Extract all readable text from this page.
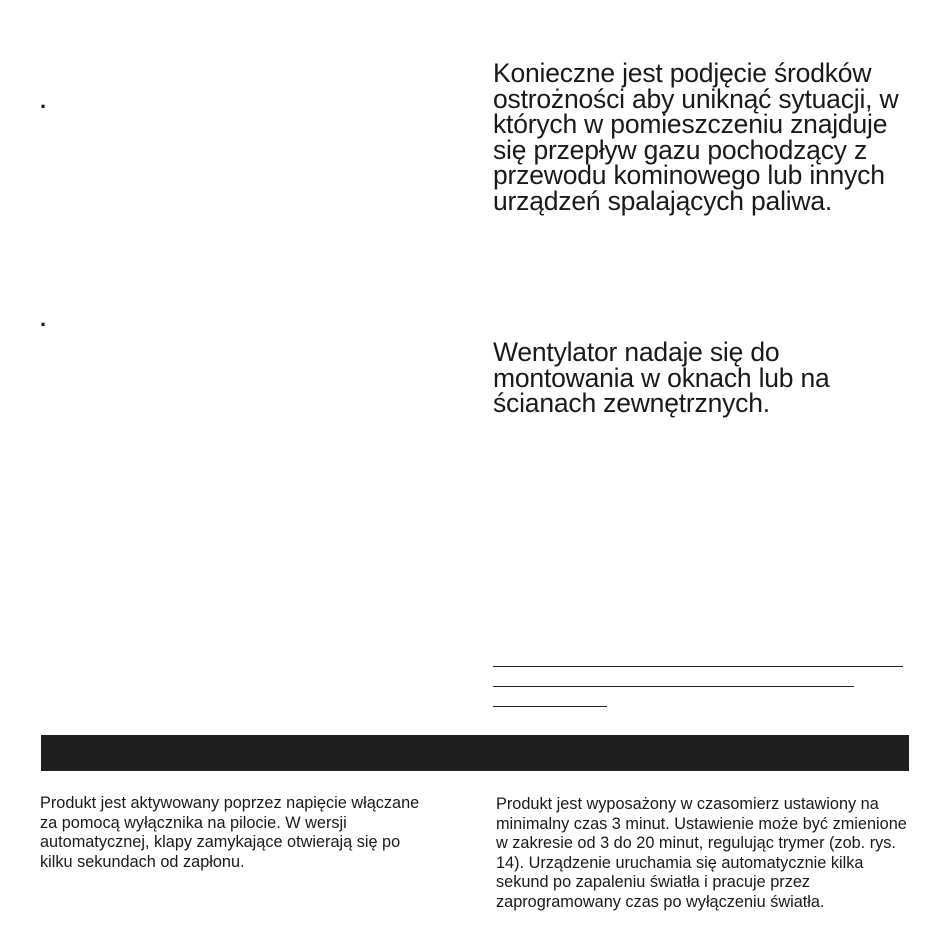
.
.

Konieczne jest podjęcie środków ostrożności aby uniknąć sytuacji, w których w pomieszczeniu znajduje się przepływ gazu pochodzący z przewodu kominowego lub innych urządzeń spalających paliwa.

Wentylator nadaje się do montowania w oknach lub na ścianach zewnętrznych.

Produkt jest aktywowany poprzez napięcie włączane za pomocą wyłącznika na pilocie. W wersji automatycznej, klapy zamykające otwierają się po kilku sekundach od zapłonu.

Produkt jest wyposażony w czasomierz ustawiony na minimalny czas 3 minut. Ustawienie może być zmienione w zakresie od 3 do 20 minut, regulując trymer (zob. rys. 14). Urządzenie uruchamia się automatycznie kilka sekund po zapaleniu światła i pracuje przez zaprogramowany czas po wyłączeniu światła.
